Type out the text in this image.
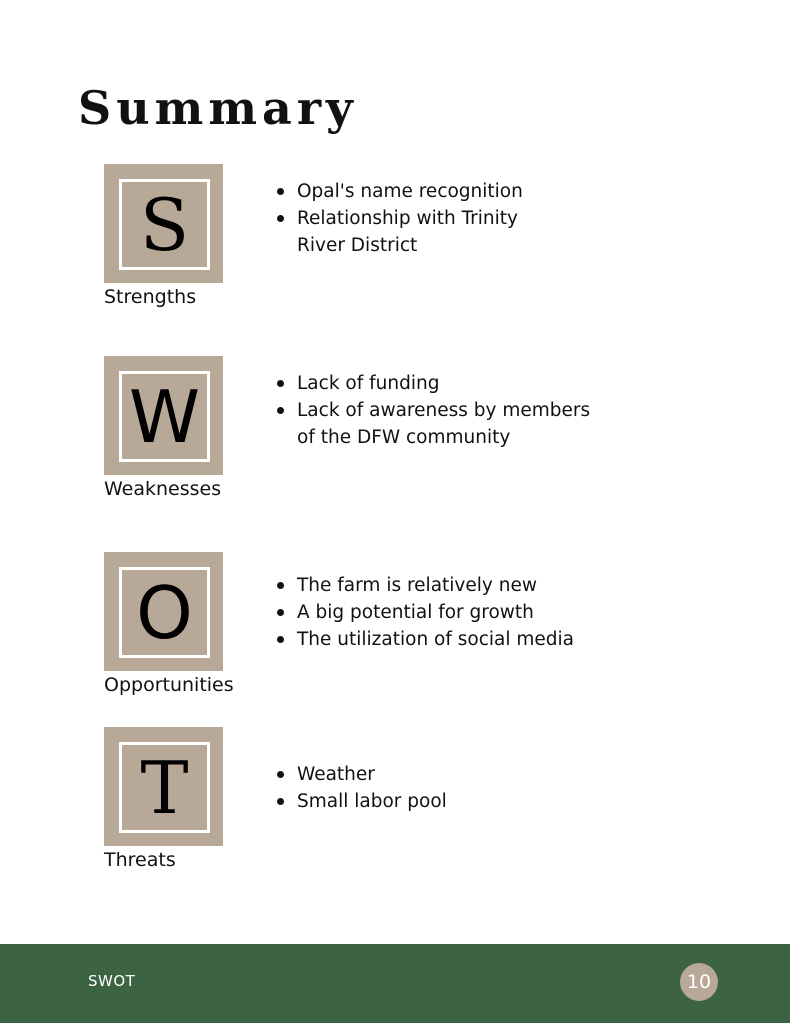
Summary
S
Strengths
Opal's name recognition
Relationship with Trinity River District
W
Weaknesses
Lack of funding
Lack of awareness by members of the DFW community
O
Opportunities
The farm is relatively new
A big potential for growth
The utilization of social media
T
Threats
Weather
Small labor pool
SWOT	10
